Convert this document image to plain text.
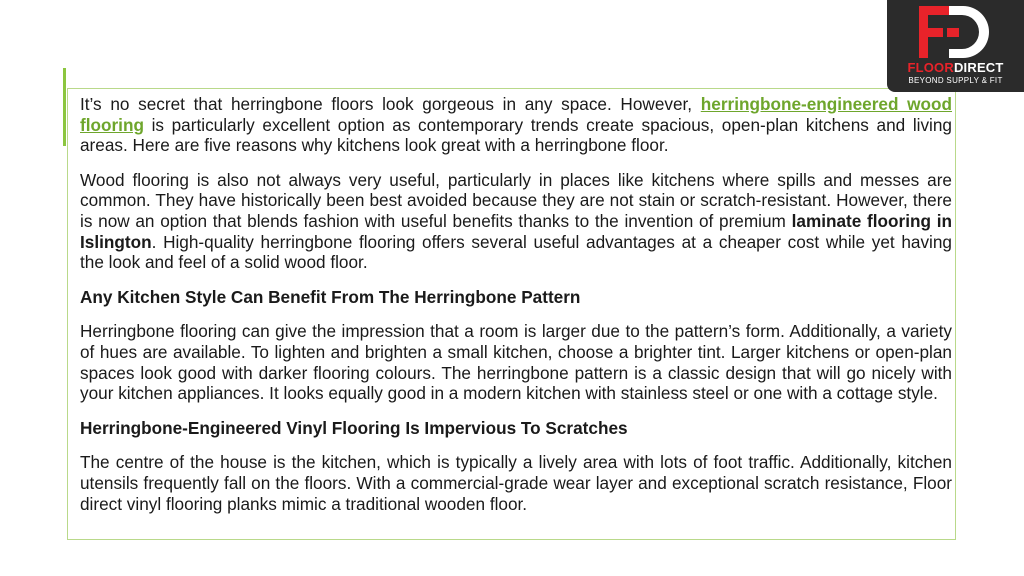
FLOORDIRECT
BEYOND SUPPLY & FIT

It’s no secret that herringbone floors look gorgeous in any space. However, herringbone-engineered wood flooring is particularly excellent option as contemporary trends create spacious, open-plan kitchens and living areas. Here are five reasons why kitchens look great with a herringbone floor.

Wood flooring is also not always very useful, particularly in places like kitchens where spills and messes are common. They have historically been best avoided because they are not stain or scratch-resistant. However, there is now an option that blends fashion with useful benefits thanks to the invention of premium laminate flooring in Islington. High-quality herringbone flooring offers several useful advantages at a cheaper cost while yet having the look and feel of a solid wood floor.

Any Kitchen Style Can Benefit From The Herringbone Pattern

Herringbone flooring can give the impression that a room is larger due to the pattern’s form. Additionally, a variety of hues are available. To lighten and brighten a small kitchen, choose a brighter tint. Larger kitchens or open-plan spaces look good with darker flooring colours. The herringbone pattern is a classic design that will go nicely with your kitchen appliances. It looks equally good in a modern kitchen with stainless steel or one with a cottage style.

Herringbone-Engineered Vinyl Flooring Is Impervious To Scratches

The centre of the house is the kitchen, which is typically a lively area with lots of foot traffic. Additionally, kitchen utensils frequently fall on the floors. With a commercial-grade wear layer and exceptional scratch resistance, Floor direct vinyl flooring planks mimic a traditional wooden floor.
